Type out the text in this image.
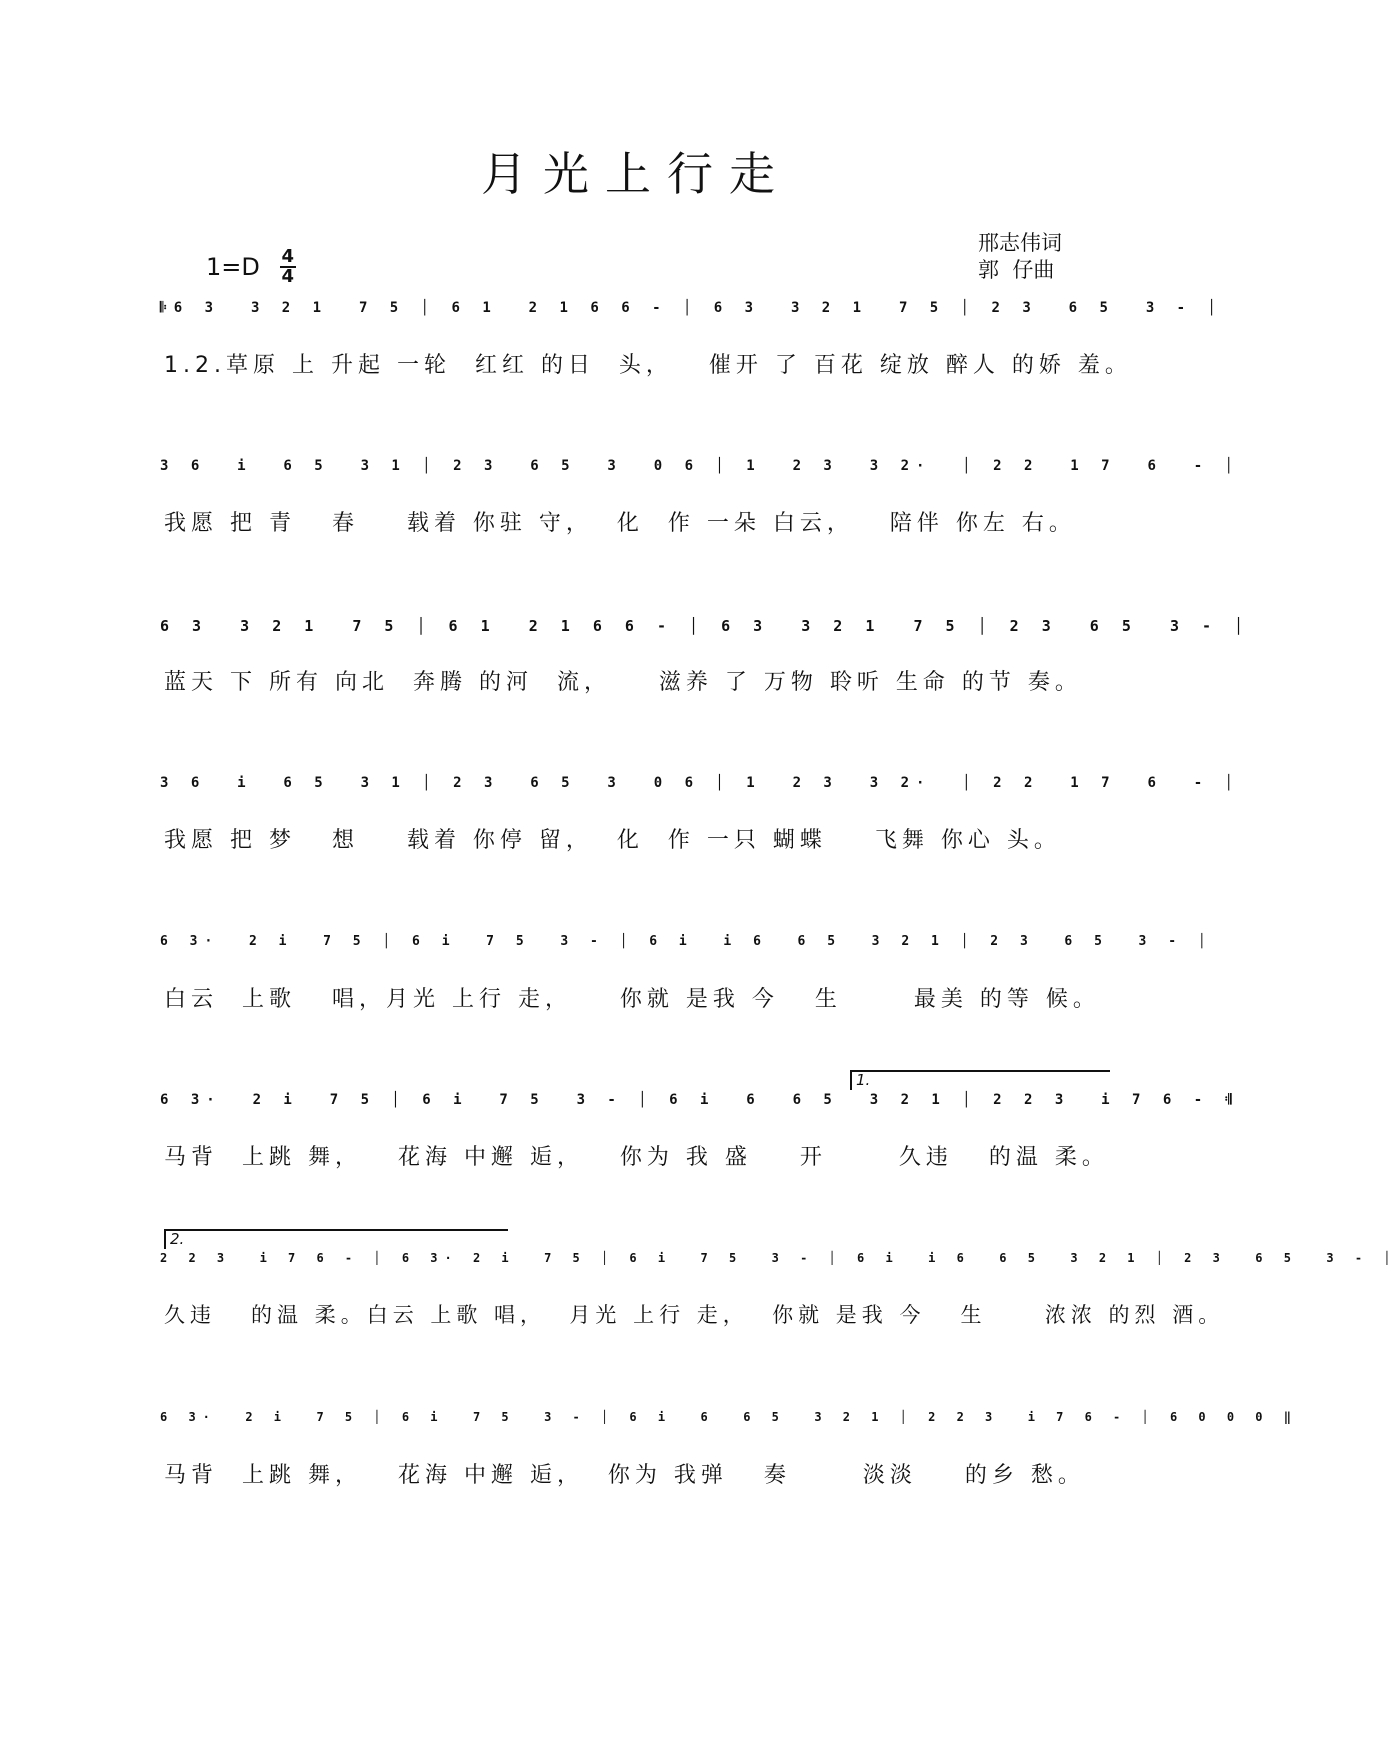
月光上行走
$1=D \frac{4}{4}$
邢志伟词
郭  仔曲
𝄆6 3  3 2 1  7 5 │ 6 1  2 1 6 6 - │ 6 3  3 2 1  7 5 │ 2 3  6 5  3 - │
1.2.草原 上 升起 一轮  红红 的日  头，   催开 了 百花 绽放 醉人 的娇 羞。
3 6  i  6 5  3 1 │ 2 3  6 5  3  0 6 │ 1  2 3  3 2·  │ 2 2  1 7  6  - │
我愿 把 青   春    载着 你驻 守，  化  作 一朵 白云，   陪伴 你左 右。
6 3  3 2 1  7 5 │ 6 1  2 1 6 6 - │ 6 3  3 2 1  7 5 │ 2 3  6 5  3 - │
蓝天 下 所有 向北  奔腾 的河  流，    滋养 了 万物 聆听 生命 的节 奏。
3 6  i  6 5  3 1 │ 2 3  6 5  3  0 6 │ 1  2 3  3 2·  │ 2 2  1 7  6  - │
我愿 把 梦   想    载着 你停 留，  化  作 一只 蝴蝶    飞舞 你心 头。
6 3·  2 i  7 5 │ 6 i  7 5  3 - │ 6 i  i 6  6 5  3 2 1 │ 2 3  6 5  3 - │
白云  上歌   唱，月光 上行 走，    你就 是我 今   生      最美 的等 候。
1.
6 3·  2 i  7 5 │ 6 i  7 5  3 - │ 6 i  6  6 5  3 2 1 │ 2 2 3  i 7 6 - 𝄇
马背  上跳 舞，   花海 中邂 逅，   你为 我 盛    开      久违   的温 柔。
2.
2 2 3  i 7 6 - │ 6 3· 2 i  7 5 │ 6 i  7 5  3 - │ 6 i  i 6  6 5  3 2 1 │ 2 3  6 5  3 - │
久违   的温 柔。白云 上歌 唱，  月光 上行 走，  你就 是我 今   生     浓浓 的烈 酒。
6 3·  2 i  7 5 │ 6 i  7 5  3 - │ 6 i  6  6 5  3 2 1 │ 2 2 3  i 7 6 - │ 6 0 0 0 ‖
马背  上跳 舞，   花海 中邂 逅，  你为 我弹   奏      淡淡    的乡 愁。
